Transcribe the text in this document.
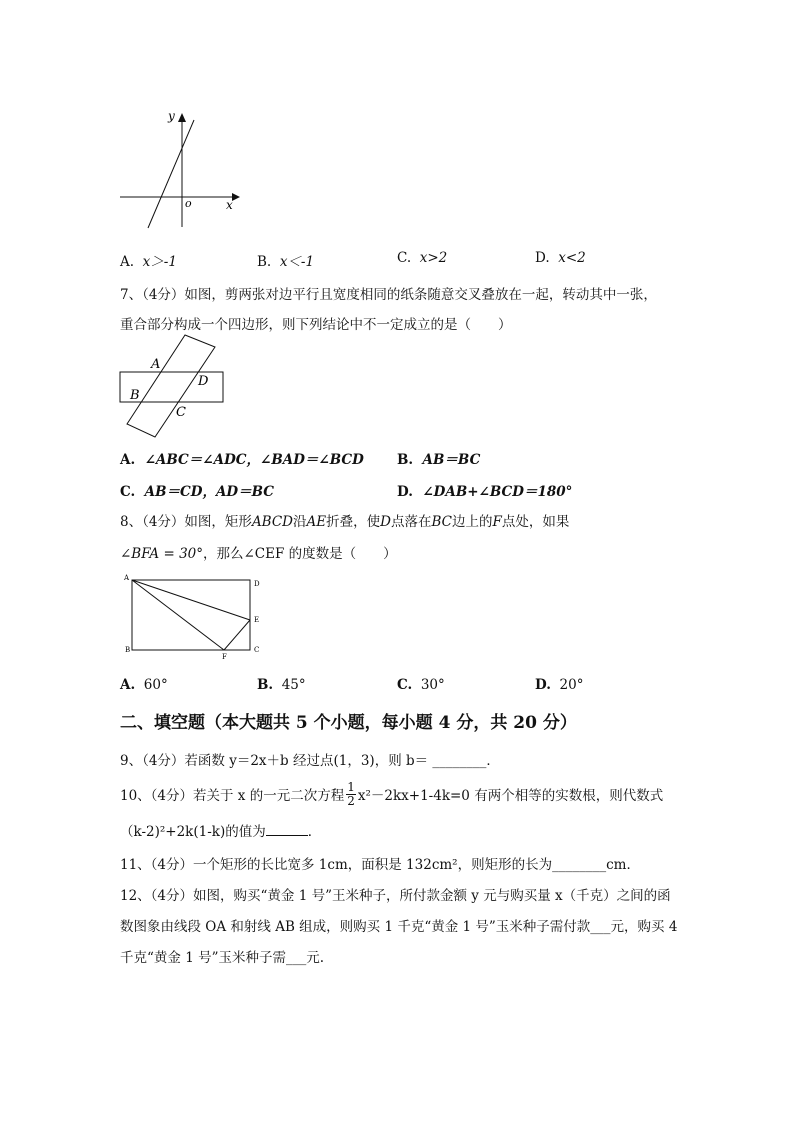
y
x
o
A. x＞-1	B. x＜-1	C. x>2	D. x<2
7、（4分）如图，剪两张对边平行且宽度相同的纸条随意交叉叠放在一起，转动其中一张，
重合部分构成一个四边形，则下列结论中不一定成立的是（　　）
A
D
B
C
A. ∠ABC＝∠ADC，∠BAD＝∠BCD B. AB＝BC
C. AB＝CD，AD＝BC	D. ∠DAB+∠BCD＝180°
8、（4分）如图，矩形ABCD沿AE折叠，使D点落在BC边上的F点处，如果
∠BFA = 30°，那么∠CEF 的度数是（　　）
A
D
E
B
F
C
A. 60°	B. 45°	C. 30°	D. 20°
二、填空题（本大题共 5 个小题，每小题 4 分，共 20 分）
9、（4分）若函数 y＝2x＋b 经过点(1，3)，则 b＝ ________．
10、（4分）若关于 x 的一元二次方程 $\frac{1}{2} x^2-2kx+1-4k=0$ 有两个相等的实数根，则代数式
（k-2)²+2k(1-k)的值为	．
11、（4分）一个矩形的长比宽多 1cm，面积是 132cm²，则矩形的长为________cm．
12、（4分）如图，购买“黄金 1 号”王米种子，所付款金额 y 元与购买量 x（千克）之间的函
数图象由线段 OA 和射线 AB 组成，则购买 1 千克“黄金 1 号”玉米种子需付款___元，购买 4
千克“黄金 1 号”玉米种子需___元.
